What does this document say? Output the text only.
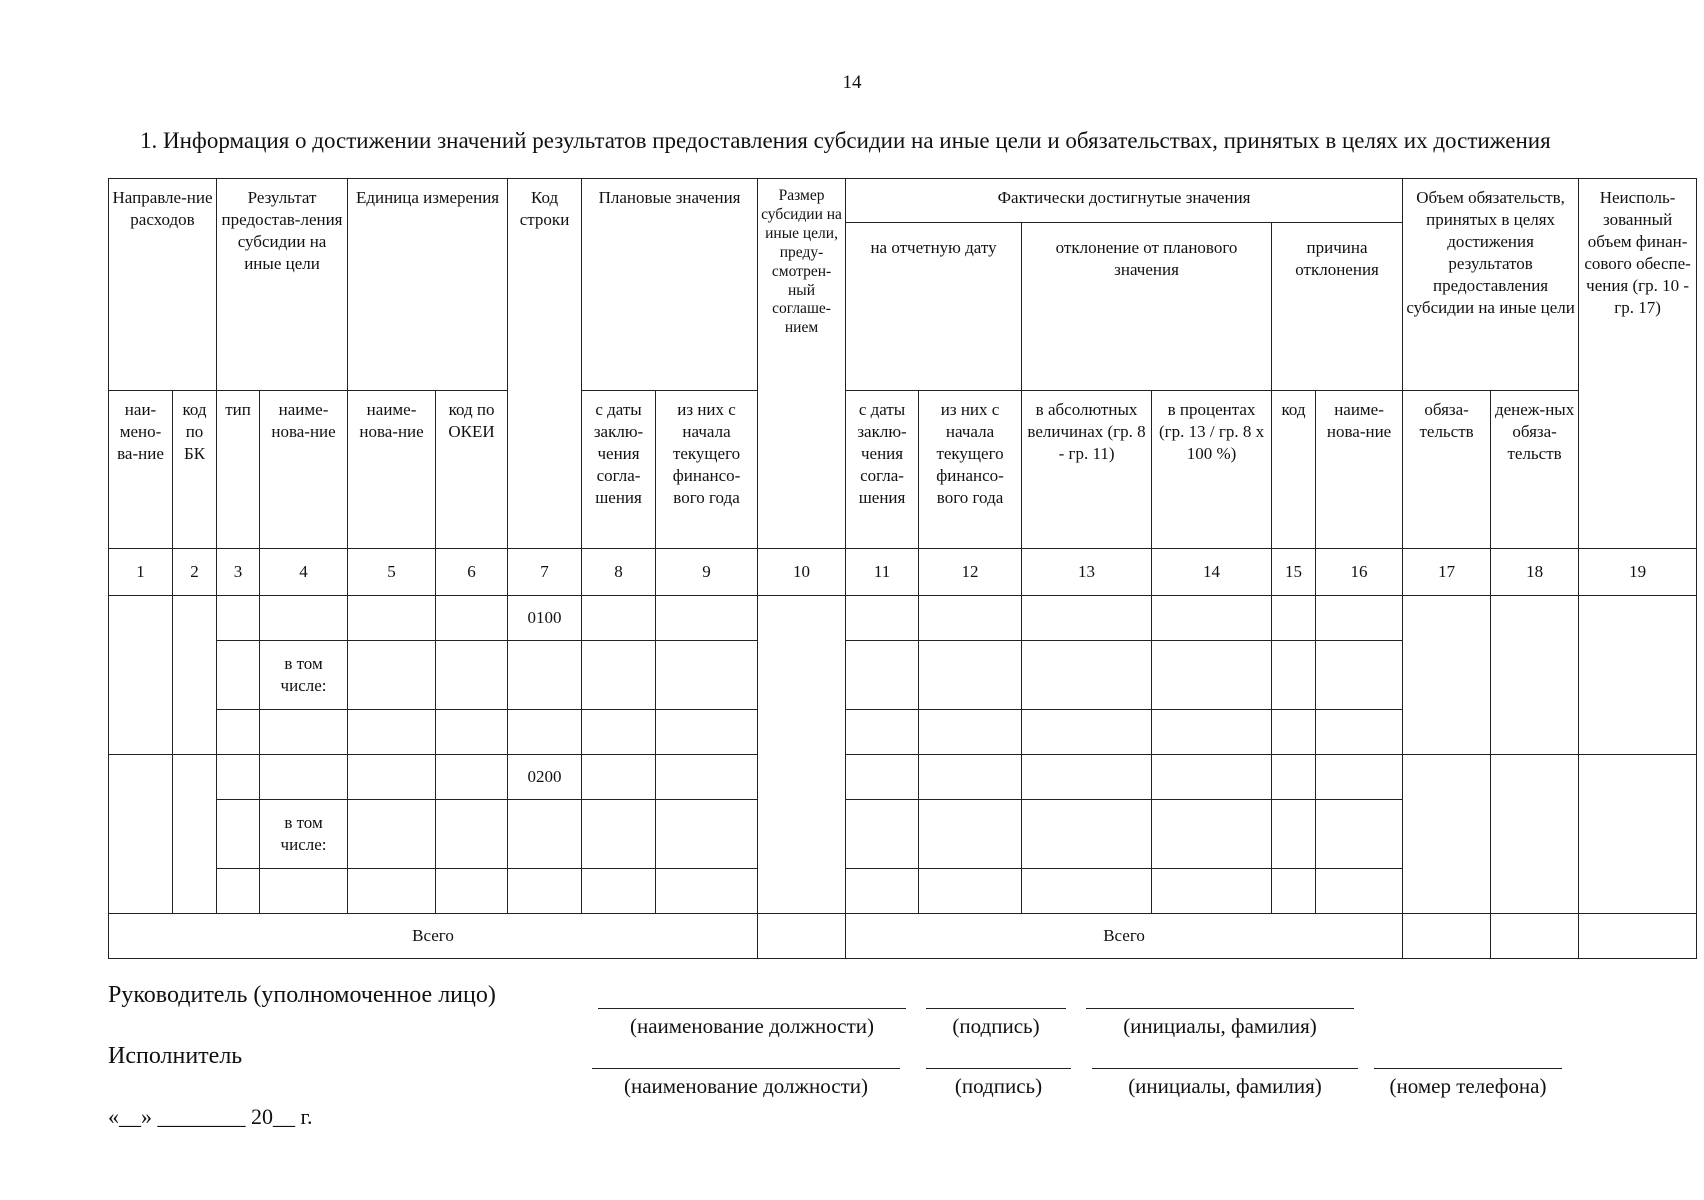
14
1. Информация о достижении значений результатов предоставления субсидии на иные цели и обязательствах, принятых в целях их достижения
Направле-ние расходов		Результат предостав-ления субсидии на иные цели		Единица измерения		Код строки	Плановые значения		Размер субсидии на иные цели, преду-смотрен-ный соглаше-нием	Фактически достигнутые значения						Объем обязательств, принятых в целях достижения результатов предоставления субсидии на иные цели		Неисполь-зованный объем финан-сового обеспе-чения (гр. 10 - гр. 17)
										на отчетную дату		отклонение от планового значения		причина отклонения				
наи-мено-ва-ние	код по БК	тип	наиме-нова-ние	наиме-нова-ние	код по ОКЕИ		с даты заклю-чения согла-шения	из них с начала текущего финансо-вого года		с даты заклю-чения согла-шения	из них с начала текущего финансо-вого года	в абсолютных величинах (гр. 8 - гр. 11)	в процентах (гр. 13 / гр. 8 x 100 %)	код	наиме-нова-ние	обяза-тельств	денеж-ных обяза-тельств	
1	2	3	4	5	6	7	8	9	10	11	12	13	14	15	16	17	18	19
						0100												
			в том числе:															

						0200												
			в том числе:															

Всего										Всего								
Руководитель (уполномоченное лицо)
(наименование должности)	(подпись)	(инициалы, фамилия)
Исполнитель
(наименование должности)	(подпись)	(инициалы, фамилия)	(номер телефона)
«__» ________ 20__ г.
